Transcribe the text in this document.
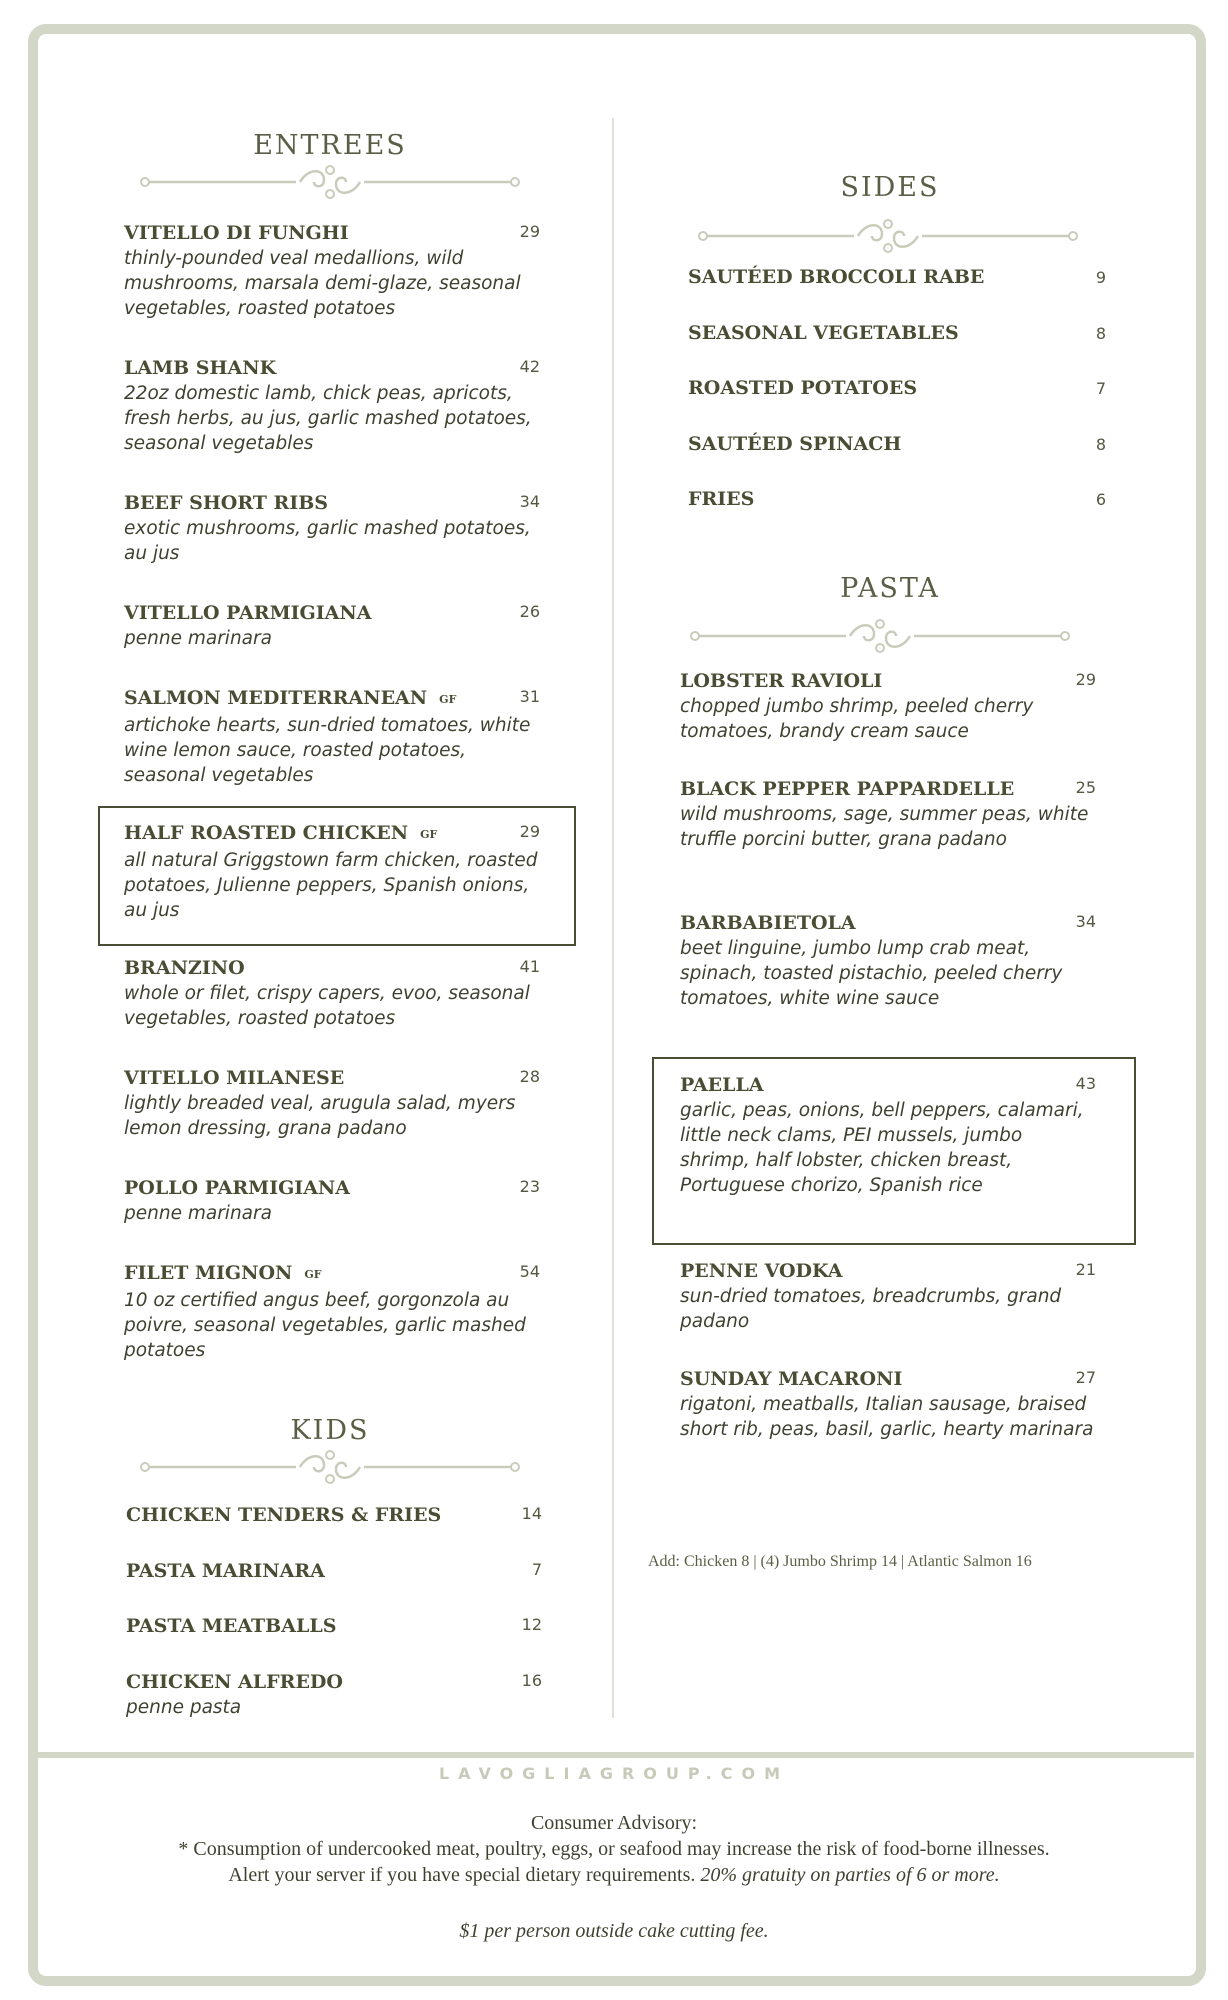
ENTREES
VITELLO DI FUNGHI	29
thinly-pounded veal medallions, wild mushrooms, marsala demi-glaze, seasonal vegetables, roasted potatoes
LAMB SHANK	42
22oz domestic lamb, chick peas, apricots, fresh herbs, au jus, garlic mashed potatoes, seasonal vegetables
BEEF SHORT RIBS	34
exotic mushrooms, garlic mashed potatoes, au jus
VITELLO PARMIGIANA	26
penne marinara
SALMON MEDITERRANEAN GF	31
artichoke hearts, sun-dried tomatoes, white wine lemon sauce, roasted potatoes, seasonal vegetables
HALF ROASTED CHICKEN GF	29
all natural Griggstown farm chicken, roasted potatoes, Julienne peppers, Spanish onions, au jus
BRANZINO	41
whole or filet, crispy capers, evoo, seasonal vegetables, roasted potatoes
VITELLO MILANESE	28
lightly breaded veal, arugula salad, myers lemon dressing, grana padano
POLLO PARMIGIANA	23
penne marinara
FILET MIGNON GF	54
10 oz certified angus beef, gorgonzola au poivre, seasonal vegetables, garlic mashed potatoes
KIDS
CHICKEN TENDERS & FRIES	14
PASTA MARINARA	7
PASTA MEATBALLS	12
CHICKEN ALFREDO	16
penne pasta
SIDES
SAUTÉED BROCCOLI RABE	9
SEASONAL VEGETABLES	8
ROASTED POTATOES	7
SAUTÉED SPINACH	8
FRIES	6
PASTA
LOBSTER RAVIOLI	29
chopped jumbo shrimp, peeled cherry tomatoes, brandy cream sauce
BLACK PEPPER PAPPARDELLE	25
wild mushrooms, sage, summer peas, white truffle porcini butter, grana padano
BARBABIETOLA	34
beet linguine, jumbo lump crab meat, spinach, toasted pistachio, peeled cherry tomatoes, white wine sauce
PAELLA	43
garlic, peas, onions, bell peppers, calamari, little neck clams, PEI mussels, jumbo shrimp, half lobster, chicken breast, Portuguese chorizo, Spanish rice
PENNE VODKA	21
sun-dried tomatoes, breadcrumbs, grand padano
SUNDAY MACARONI	27
rigatoni, meatballs, Italian sausage, braised short rib, peas, basil, garlic, hearty marinara
Add: Chicken 8 | (4) Jumbo Shrimp 14 | Atlantic Salmon 16
LAVOGLIAGROUP.COM
Consumer Advisory:
* Consumption of undercooked meat, poultry, eggs, or seafood may increase the risk of food-borne illnesses.
Alert your server if you have special dietary requirements. 20% gratuity on parties of 6 or more.
$1 per person outside cake cutting fee.
